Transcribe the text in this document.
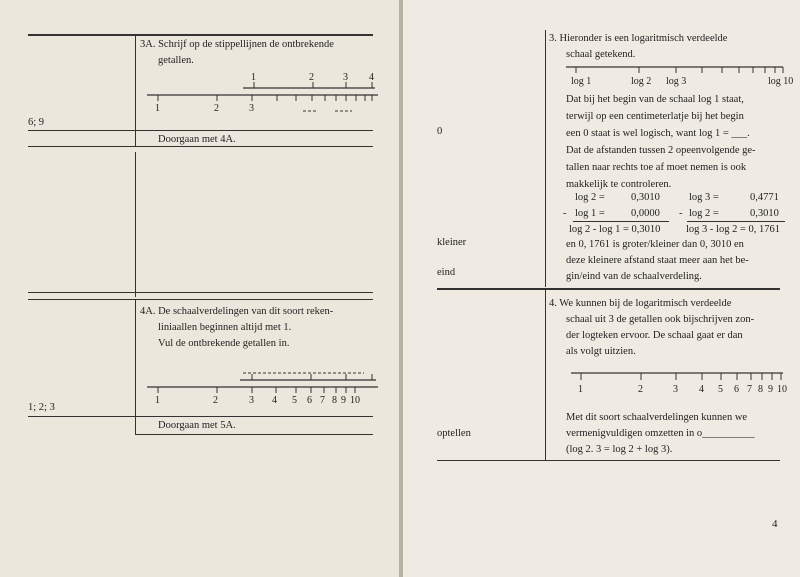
3A. Schrijf op de stippellijnen de ontbrekende
getallen.
1	2	3 4
1	2	3
6; 9
Doorgaan met 4A.
4A. De schaalverdelingen van dit soort reken-
liniaallen beginnen altijd met 1.
Vul de ontbrekende getallen in.
1	2	3 4 5 6 7 8 9 10
1; 2; 3
Doorgaan met 5A.
3. Hieronder is een logaritmisch verdeelde
schaal getekend.
log 1	log 2 log 3	log 10
Dat bij het begin van de schaal log 1 staat,
terwijl op een centimeterlatje bij het begin
een 0 staat is wel logisch, want log 1 = ___.
Dat de afstanden tussen 2 opeenvolgende ge-
tallen naar rechts toe af moet nemen is ook
makkelijk te controleren.
log 2 = 0,3010
- log 1 = 0,0000
log 2 - log 1 = 0,3010
log 3 =	0,4771
- log 2 =	0,3010
log 3 - log 2 = 0, 1761
en 0, 1761 is groter/kleiner dan 0, 3010 en
deze kleinere afstand staat meer aan het be-
gin/eind van de schaalverdeling.
0
kleiner
eind
4. We kunnen bij de logaritmisch verdeelde
schaal uit 3 de getallen ook bijschrijven zon-
der logteken ervoor. De schaal gaat er dan
als volgt uitzien.
1	2	3 4 5 6 7 8 9 10
Met dit soort schaalverdelingen kunnen we
vermenigvuldigen omzetten in o__________
(log 2. 3 = log 2 + log 3).
optellen
4
